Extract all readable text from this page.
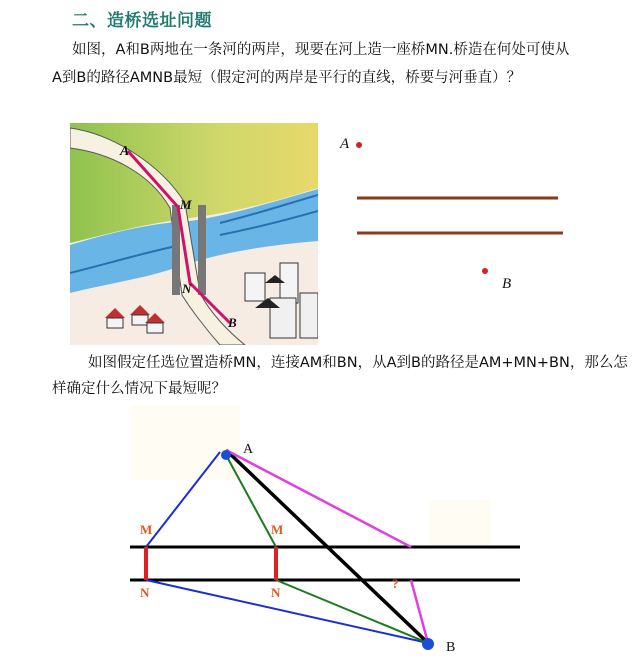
二、造桥选址问题
如图，A和B两地在一条河的两岸，现要在河上造一座桥MN.桥造在何处可使从
A到B的路径AMNB最短（假定河的两岸是平行的直线，桥要与河垂直）？
A
M
N
B
A
B
如图假定任选位置造桥MN，连接AM和BN，从A到B的路径是AM+MN+BN，那么怎
样确定什么情况下最短呢？
A
B
M
N
M
N
?
